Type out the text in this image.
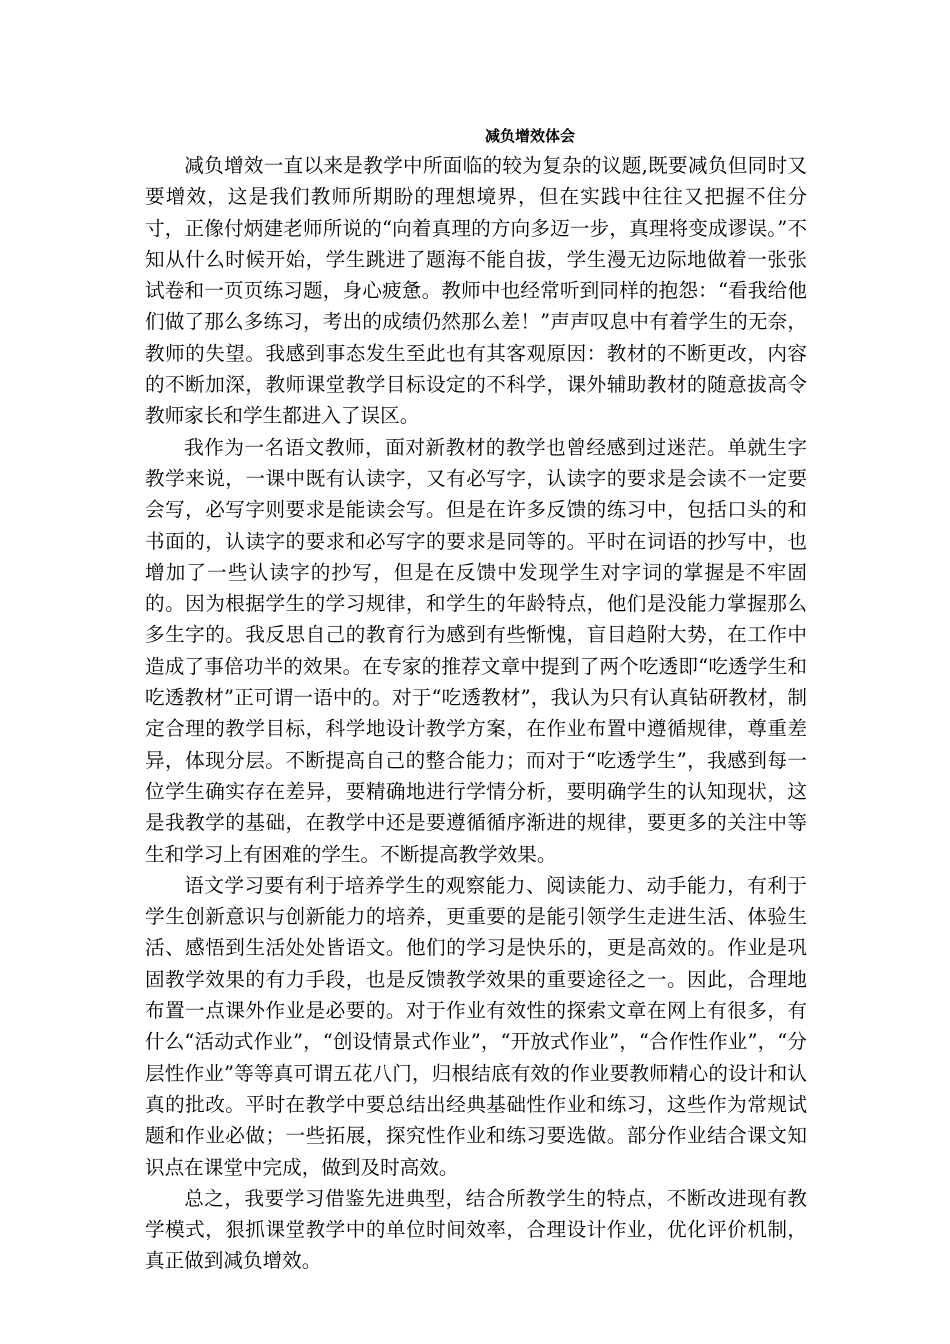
减负增效体会

减负增效一直以来是教学中所面临的较为复杂的议题,既要减负但同时又要增效，这是我们教师所期盼的理想境界，但在实践中往往又把握不住分寸，正像付炳建老师所说的“向着真理的方向多迈一步，真理将变成谬误。”不知从什么时候开始，学生跳进了题海不能自拔，学生漫无边际地做着一张张试卷和一页页练习题，身心疲惫。教师中也经常听到同样的抱怨：“看我给他们做了那么多练习，考出的成绩仍然那么差！”声声叹息中有着学生的无奈，教师的失望。我感到事态发生至此也有其客观原因：教材的不断更改，内容的不断加深，教师课堂教学目标设定的不科学，课外辅助教材的随意拔高令教师家长和学生都进入了误区。

我作为一名语文教师，面对新教材的教学也曾经感到过迷茫。单就生字教学来说，一课中既有认读字，又有必写字，认读字的要求是会读不一定要会写，必写字则要求是能读会写。但是在许多反馈的练习中，包括口头的和书面的，认读字的要求和必写字的要求是同等的。平时在词语的抄写中，也增加了一些认读字的抄写，但是在反馈中发现学生对字词的掌握是不牢固的。因为根据学生的学习规律，和学生的年龄特点，他们是没能力掌握那么多生字的。我反思自己的教育行为感到有些惭愧，盲目趋附大势，在工作中造成了事倍功半的效果。在专家的推荐文章中提到了两个吃透即“吃透学生和吃透教材”正可谓一语中的。对于“吃透教材”，我认为只有认真钻研教材，制定合理的教学目标，科学地设计教学方案，在作业布置中遵循规律，尊重差异，体现分层。不断提高自己的整合能力；而对于“吃透学生”，我感到每一位学生确实存在差异，要精确地进行学情分析，要明确学生的认知现状，这是我教学的基础，在教学中还是要遵循循序渐进的规律，要更多的关注中等生和学习上有困难的学生。不断提高教学效果。

语文学习要有利于培养学生的观察能力、阅读能力、动手能力，有利于学生创新意识与创新能力的培养，更重要的是能引领学生走进生活、体验生活、感悟到生活处处皆语文。他们的学习是快乐的，更是高效的。作业是巩固教学效果的有力手段，也是反馈教学效果的重要途径之一。因此，合理地布置一点课外作业是必要的。对于作业有效性的探索文章在网上有很多，有什么“活动式作业”，“创设情景式作业”，“开放式作业”，“合作性作业”，“分层性作业”等等真可谓五花八门，归根结底有效的作业要教师精心的设计和认真的批改。平时在教学中要总结出经典基础性作业和练习，这些作为常规试题和作业必做；一些拓展，探究性作业和练习要选做。部分作业结合课文知识点在课堂中完成，做到及时高效。

总之，我要学习借鉴先进典型，结合所教学生的特点，不断改进现有教学模式，狠抓课堂教学中的单位时间效率，合理设计作业，优化评价机制，真正做到减负增效。
